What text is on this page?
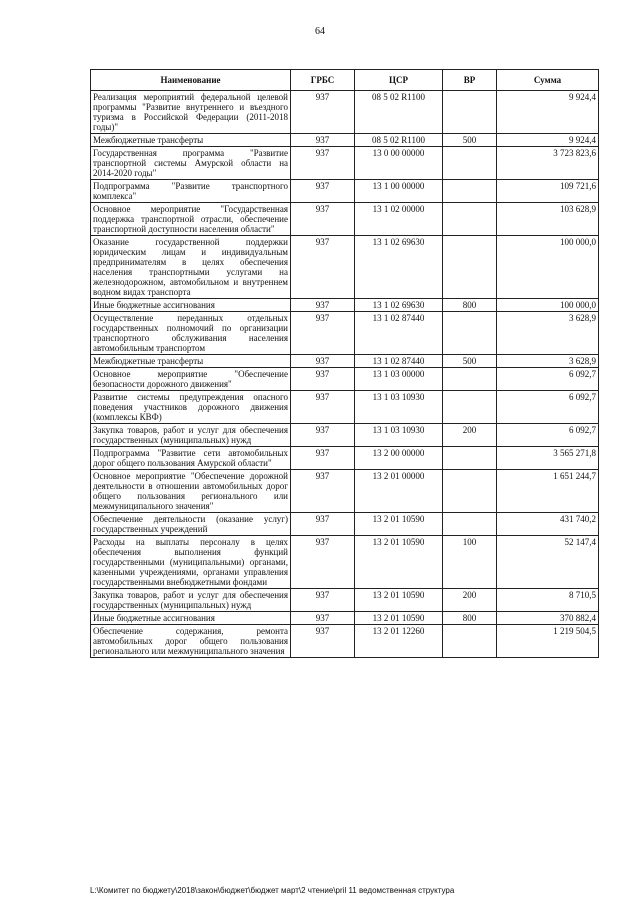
64
Наименование	ГРБС	ЦСР	ВР	Сумма
Реализация мероприятий федеральной целевой программы "Развитие внутреннего и въездного туризма в Российской Федерации (2011-2018 годы)"	937	08 5 02 R1100		9 924,4
Межбюджетные трансферты	937	08 5 02 R1100	500	9 924,4
Государственная программа "Развитие транспортной системы Амурской области на 2014-2020 годы"	937	13 0 00 00000		3 723 823,6
Подпрограмма "Развитие транспортного комплекса"	937	13 1 00 00000		109 721,6
Основное мероприятие "Государственная поддержка транспортной отрасли, обеспечение транспортной доступности населения области"	937	13 1 02 00000		103 628,9
Оказание государственной поддержки юридическим лицам и индивидуальным предпринимателям в целях обеспечения населения транспортными услугами на железнодорожном, автомобильном и внутреннем водном видах транспорта	937	13 1 02 69630		100 000,0
Иные бюджетные ассигнования	937	13 1 02 69630	800	100 000,0
Осуществление переданных отдельных государственных полномочий по организации транспортного обслуживания населения автомобильным транспортом	937	13 1 02 87440		3 628,9
Межбюджетные трансферты	937	13 1 02 87440	500	3 628,9
Основное мероприятие "Обеспечение безопасности дорожного движения"	937	13 1 03 00000		6 092,7
Развитие системы предупреждения опасного поведения участников дорожного движения (комплексы КВФ)	937	13 1 03 10930		6 092,7
Закупка товаров, работ и услуг для обеспечения государственных (муниципальных) нужд	937	13 1 03 10930	200	6 092,7
Подпрограмма "Развитие сети автомобильных дорог общего пользования Амурской области"	937	13 2 00 00000		3 565 271,8
Основное мероприятие "Обеспечение дорожной деятельности в отношении автомобильных дорог общего пользования регионального или межмуниципального значения"	937	13 2 01 00000		1 651 244,7
Обеспечение деятельности (оказание услуг) государственных учреждений	937	13 2 01 10590		431 740,2
Расходы на выплаты персоналу в целях обеспечения выполнения функций государственными (муниципальными) органами, казенными учреждениями, органами управления государственными внебюджетными фондами	937	13 2 01 10590	100	52 147,4
Закупка товаров, работ и услуг для обеспечения государственных (муниципальных) нужд	937	13 2 01 10590	200	8 710,5
Иные бюджетные ассигнования	937	13 2 01 10590	800	370 882,4
Обеспечение содержания, ремонта автомобильных дорог общего пользования регионального или межмуниципального значения	937	13 2 01 12260		1 219 504,5
L:\Комитет по бюджету\2018\закон\бюджет\бюджет март\2 чтение\pril 11 ведомственная структура
